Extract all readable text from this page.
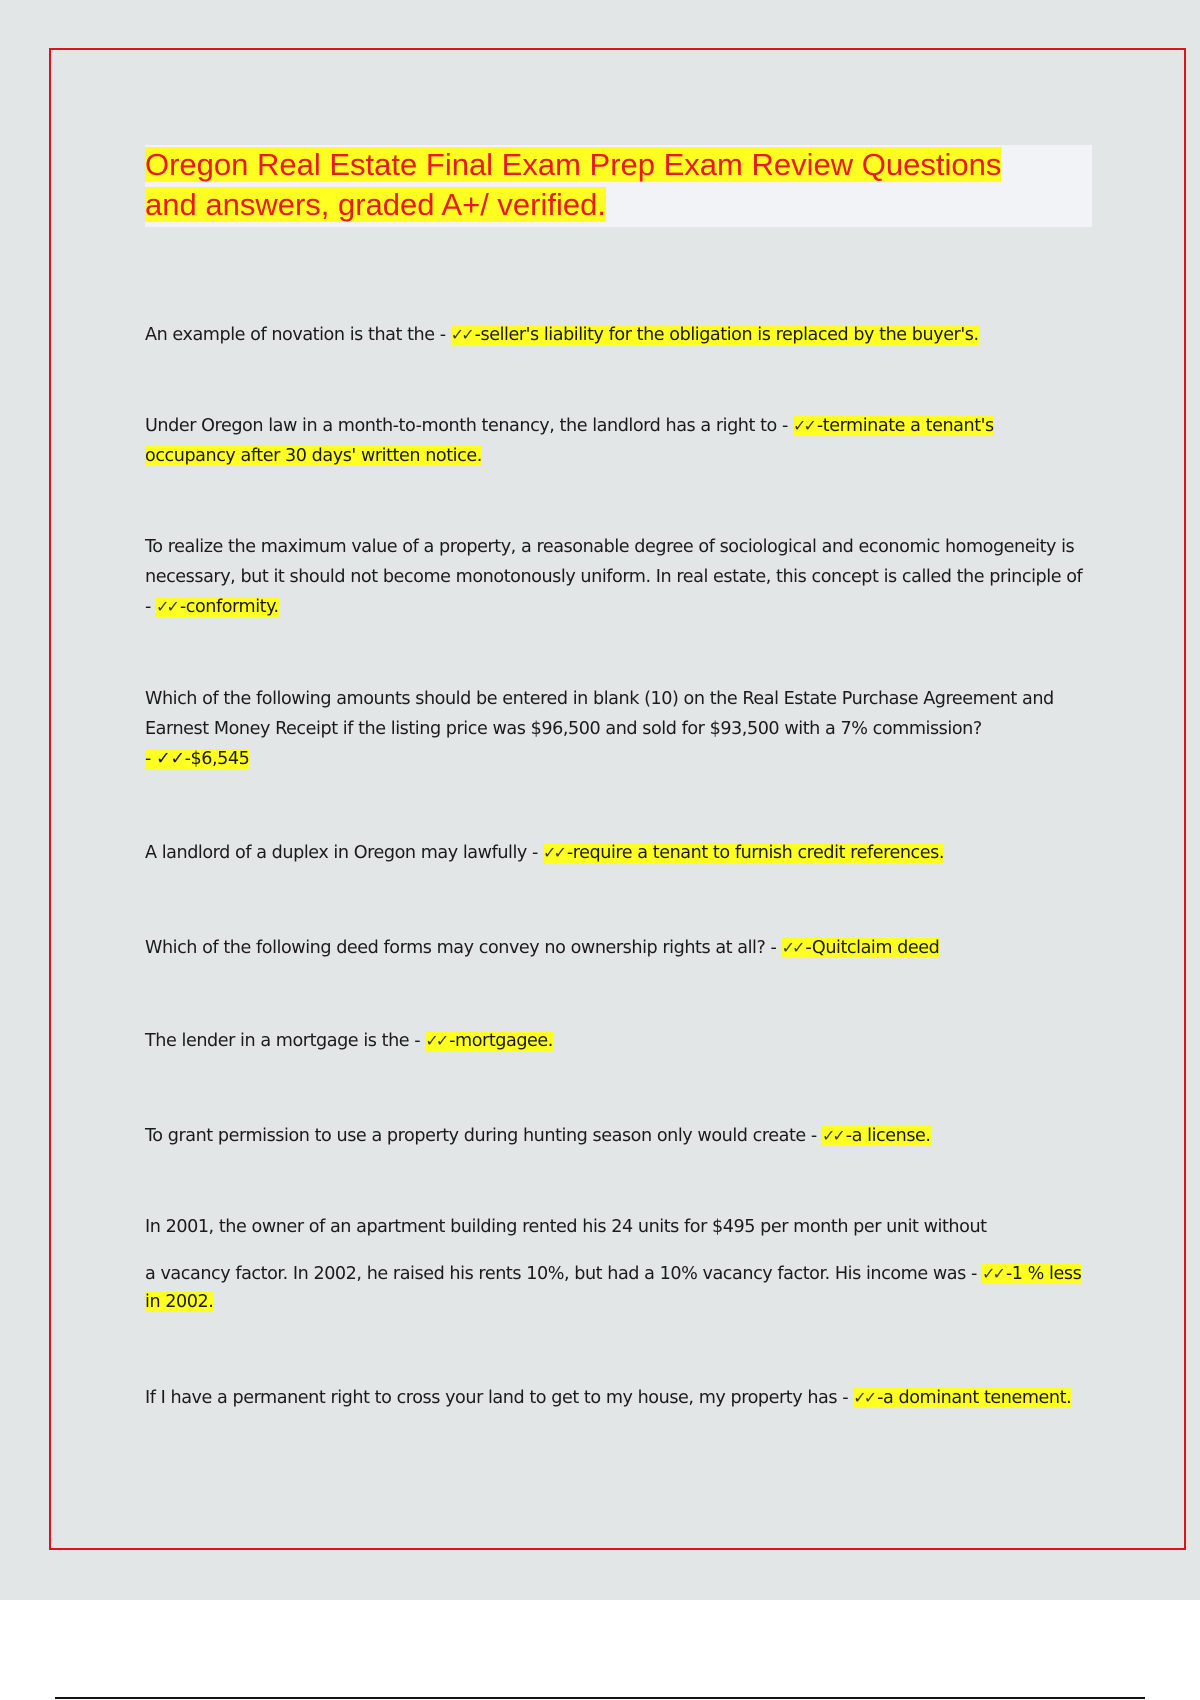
Oregon Real Estate Final Exam Prep Exam Review Questions and answers, graded A+/ verified.

An example of novation is that the - ✓✓ -seller's liability for the obligation is replaced by the buyer's.

Under Oregon law in a month-to-month tenancy, the landlord has a right to - ✓✓ -terminate a tenant's occupancy after 30 days' written notice.

To realize the maximum value of a property, a reasonable degree of sociological and economic homogeneity is necessary, but it should not become monotonously uniform. In real estate, this concept is called the principle of - ✓✓ -conformity.

Which of the following amounts should be entered in blank (10) on the Real Estate Purchase Agreement and Earnest Money Receipt if the listing price was $96,500 and sold for $93,500 with a 7% commission?
- ✓✓-$6,545

A landlord of a duplex in Oregon may lawfully - ✓✓ -require a tenant to furnish credit references.

Which of the following deed forms may convey no ownership rights at all? - ✓✓ -Quitclaim deed

The lender in a mortgage is the - ✓✓ -mortgagee.

To grant permission to use a property during hunting season only would create - ✓✓ -a license.

In 2001, the owner of an apartment building rented his 24 units for $495 per month per unit without
a vacancy factor. In 2002, he raised his rents 10%, but had a 10% vacancy factor. His income was - ✓✓ -1 % less in 2002.

If I have a permanent right to cross your land to get to my house, my property has - ✓✓ -a dominant tenement.
